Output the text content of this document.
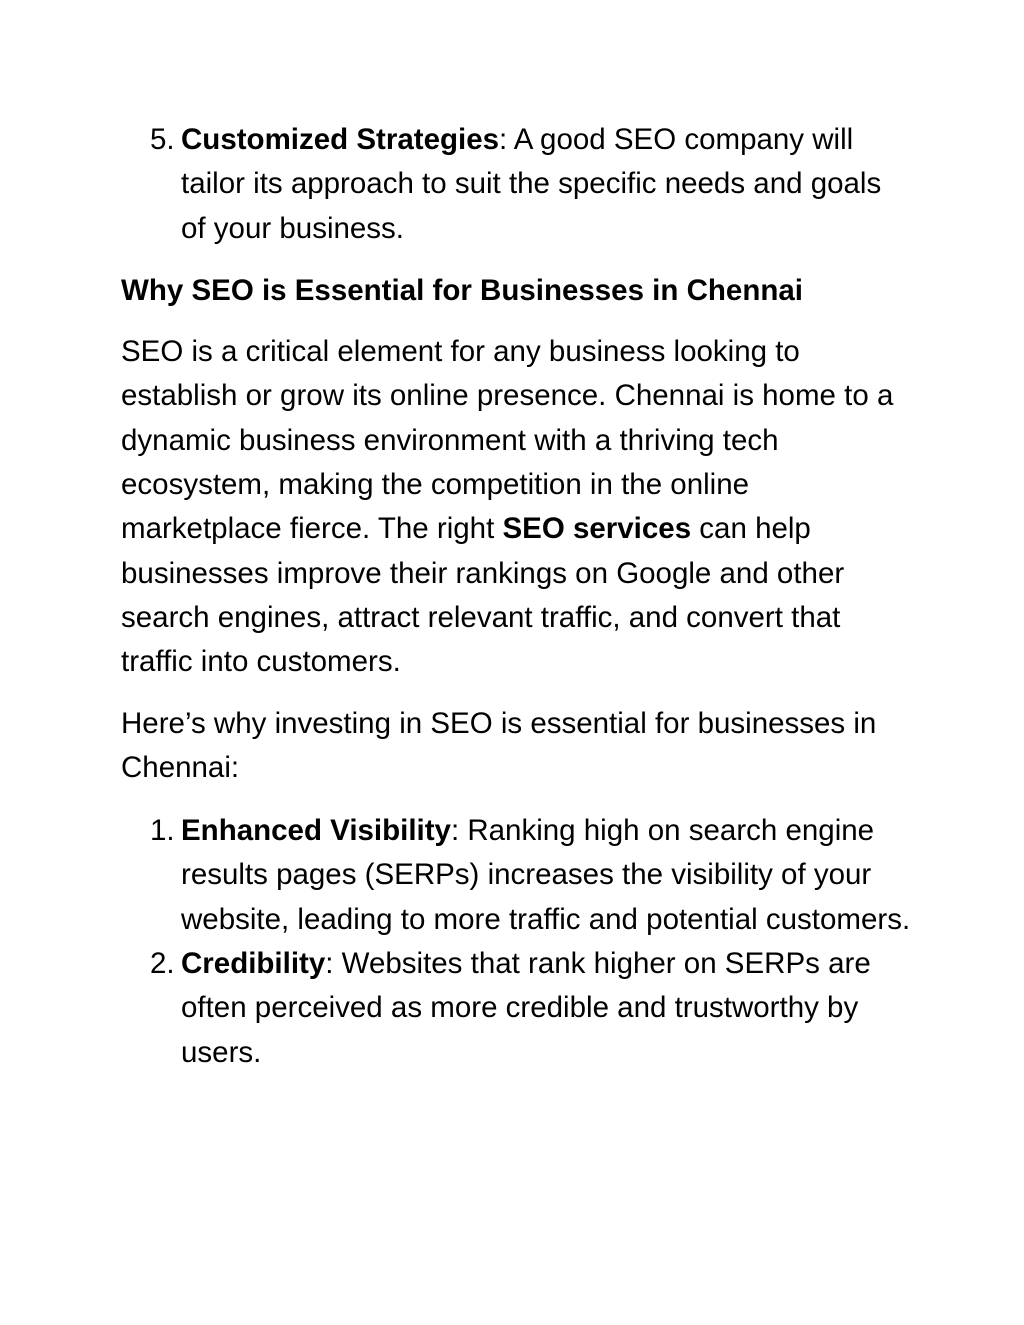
5. Customized Strategies: A good SEO company will tailor its approach to suit the specific needs and goals of your business.
Why SEO is Essential for Businesses in Chennai

SEO is a critical element for any business looking to establish or grow its online presence. Chennai is home to a dynamic business environment with a thriving tech ecosystem, making the competition in the online marketplace fierce. The right SEO services can help businesses improve their rankings on Google and other search engines, attract relevant traffic, and convert that traffic into customers.

Here’s why investing in SEO is essential for businesses in Chennai:

1. Enhanced Visibility: Ranking high on search engine results pages (SERPs) increases the visibility of your website, leading to more traffic and potential customers.
2. Credibility: Websites that rank higher on SERPs are often perceived as more credible and trustworthy by users.
